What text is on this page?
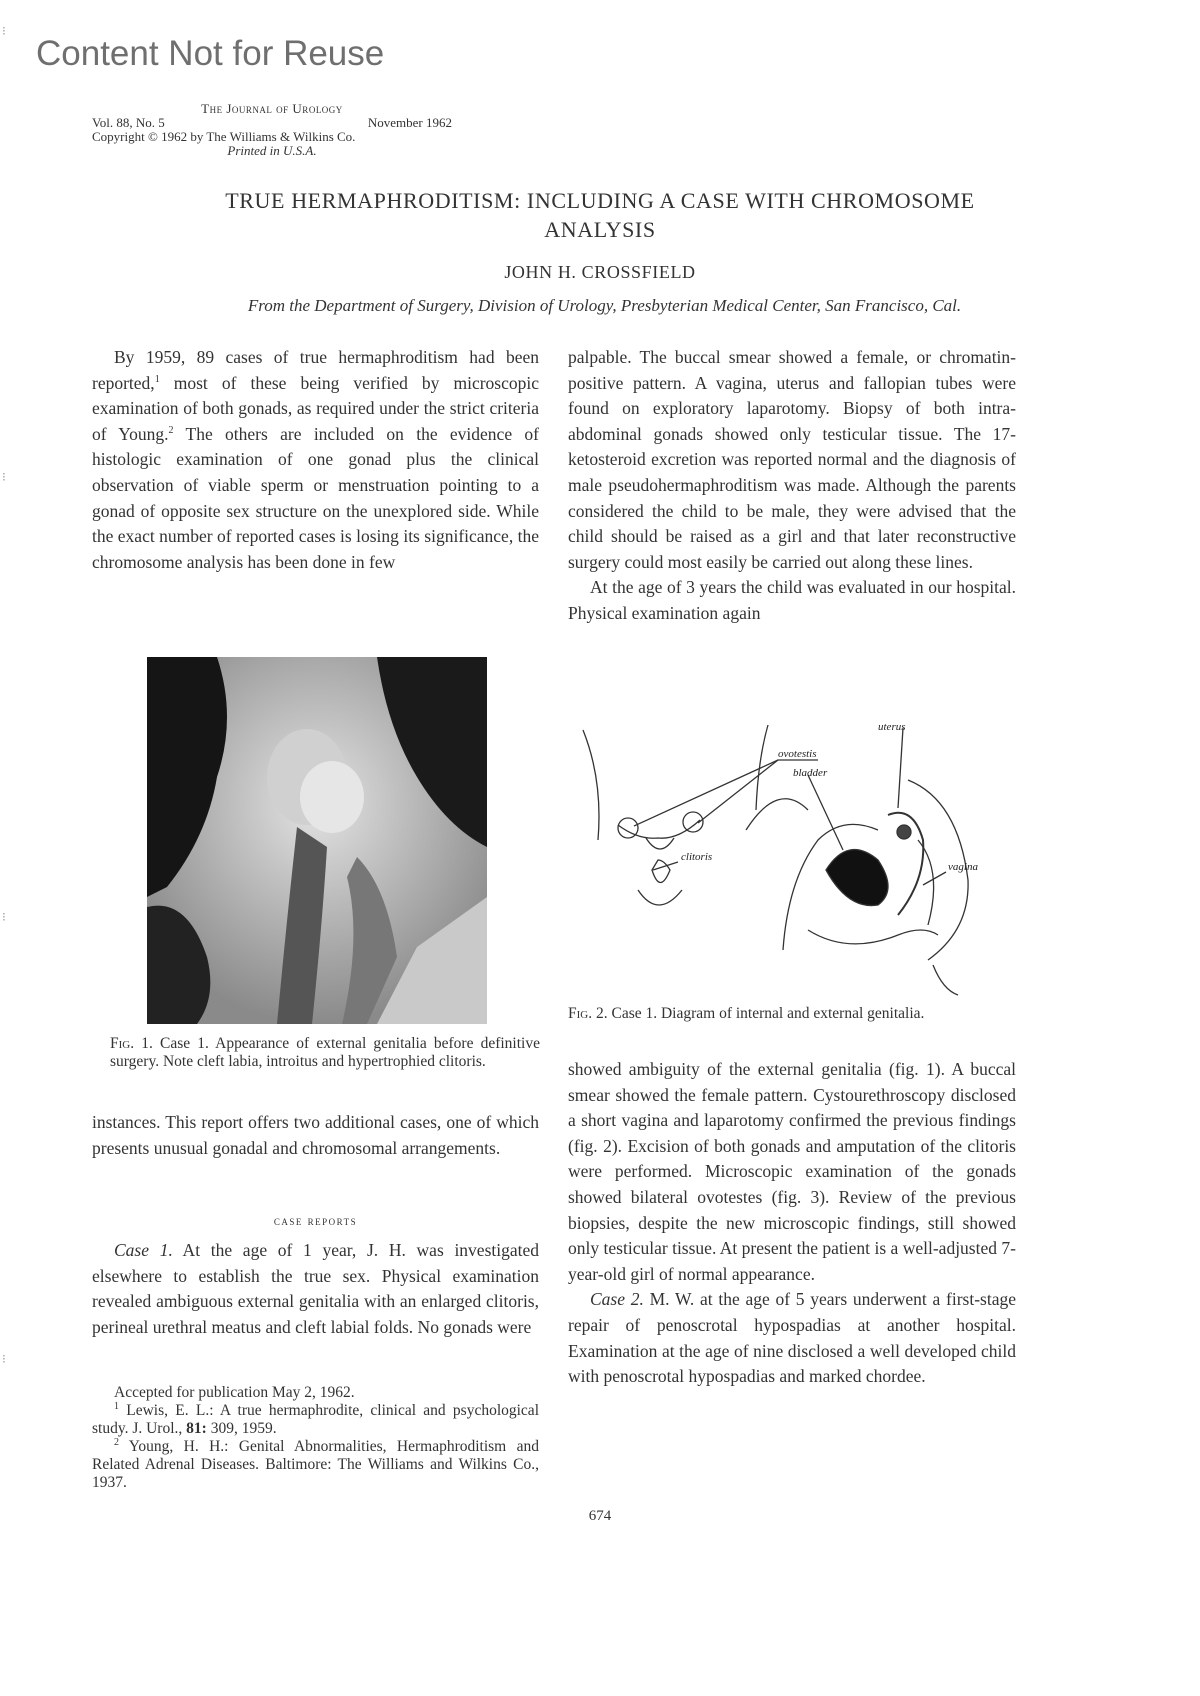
Content Not for Reuse
⁝
⁝
⁝
⁝
The Journal of Urology
Vol. 88, No. 5	November 1962
Copyright © 1962 by The Williams & Wilkins Co.
Printed in U.S.A.
TRUE HERMAPHRODITISM: INCLUDING A CASE WITH CHROMOSOME
ANALYSIS
JOHN H. CROSSFIELD
From the Department of Surgery, Division of Urology, Presbyterian Medical Center, San Francisco, Cal.

By 1959, 89 cases of true hermaphroditism had been reported,$^1$ most of these being verified by microscopic examination of both gonads, as required under the strict criteria of Young.$^2$ The others are included on the evidence of histologic examination of one gonad plus the clinical observation of viable sperm or menstruation pointing to a gonad of opposite sex structure on the unexplored side. While the exact number of reported cases is losing its significance, the chromosome analysis has been done in few

Fig. 1. Case 1. Appearance of external genitalia before definitive surgery. Note cleft labia, introitus and hypertrophied clitoris.

instances. This report offers two additional cases, one of which presents unusual gonadal and chromosomal arrangements.

case reports

Case 1. At the age of 1 year, J. H. was investigated elsewhere to establish the true sex. Physical examination revealed ambiguous external genitalia with an enlarged clitoris, perineal urethral meatus and cleft labial folds. No gonads were

Accepted for publication May 2, 1962.

$^1$ Lewis, E. L.: A true hermaphrodite, clinical and psychological study. J. Urol., 81: 309, 1959.

$^2$ Young, H. H.: Genital Abnormalities, Hermaphroditism and Related Adrenal Diseases. Baltimore: The Williams and Wilkins Co., 1937.

palpable. The buccal smear showed a female, or chromatin-positive pattern. A vagina, uterus and fallopian tubes were found on exploratory laparotomy. Biopsy of both intra-abdominal gonads showed only testicular tissue. The 17-ketosteroid excretion was reported normal and the diagnosis of male pseudohermaphroditism was made. Although the parents considered the child to be male, they were advised that the child should be raised as a girl and that later reconstructive surgery could most easily be carried out along these lines.

At the age of 3 years the child was evaluated in our hospital. Physical examination again

uterus
ovotestis
bladder
clitoris
vagina
Fig. 2. Case 1. Diagram of internal and external genitalia.

showed ambiguity of the external genitalia (fig. 1). A buccal smear showed the female pattern. Cystourethroscopy disclosed a short vagina and laparotomy confirmed the previous findings (fig. 2). Excision of both gonads and amputation of the clitoris were performed. Microscopic examination of the gonads showed bilateral ovotestes (fig. 3). Review of the previous biopsies, despite the new microscopic findings, still showed only testicular tissue. At present the patient is a well-adjusted 7-year-old girl of normal appearance.

Case 2. M. W. at the age of 5 years underwent a first-stage repair of penoscrotal hypospadias at another hospital. Examination at the age of nine disclosed a well developed child with penoscrotal hypospadias and marked chordee.

674
